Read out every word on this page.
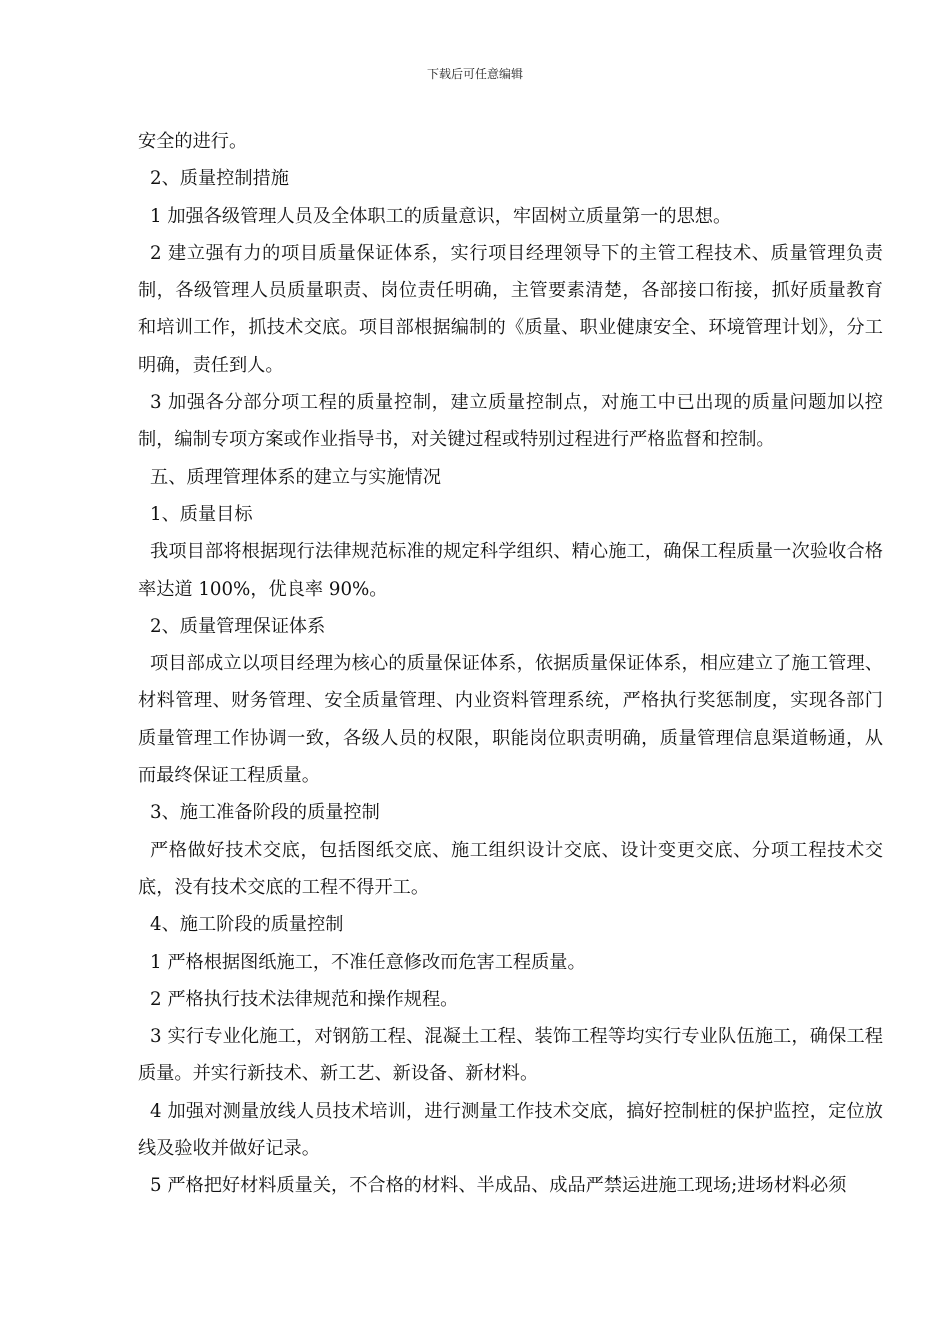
下载后可任意编辑

安全的进行。

2、质量控制措施

1 加强各级管理人员及全体职工的质量意识，牢固树立质量第一的思想。

2 建立强有力的项目质量保证体系，实行项目经理领导下的主管工程技术、质量管理负责制，各级管理人员质量职责、岗位责任明确，主管要素清楚，各部接口衔接，抓好质量教育和培训工作，抓技术交底。项目部根据编制的《质量、职业健康安全、环境管理计划》，分工明确，责任到人。

3 加强各分部分项工程的质量控制，建立质量控制点，对施工中已出现的质量问题加以控制，编制专项方案或作业指导书，对关键过程或特别过程进行严格监督和控制。

五、质理管理体系的建立与实施情况

1、质量目标

我项目部将根据现行法律规范标准的规定科学组织、精心施工，确保工程质量一次验收合格率达道 100%，优良率 90%。

2、质量管理保证体系

项目部成立以项目经理为核心的质量保证体系，依据质量保证体系，相应建立了施工管理、材料管理、财务管理、安全质量管理、内业资料管理系统，严格执行奖惩制度，实现各部门质量管理工作协调一致，各级人员的权限，职能岗位职责明确，质量管理信息渠道畅通，从而最终保证工程质量。

3、施工准备阶段的质量控制

严格做好技术交底，包括图纸交底、施工组织设计交底、设计变更交底、分项工程技术交底，没有技术交底的工程不得开工。

4、施工阶段的质量控制

1 严格根据图纸施工，不准任意修改而危害工程质量。

2 严格执行技术法律规范和操作规程。

3 实行专业化施工，对钢筋工程、混凝土工程、装饰工程等均实行专业队伍施工，确保工程质量。并实行新技术、新工艺、新设备、新材料。

4 加强对测量放线人员技术培训，进行测量工作技术交底，搞好控制桩的保护监控，定位放线及验收并做好记录。

5 严格把好材料质量关，不合格的材料、半成品、成品严禁运进施工现场;进场材料必须
